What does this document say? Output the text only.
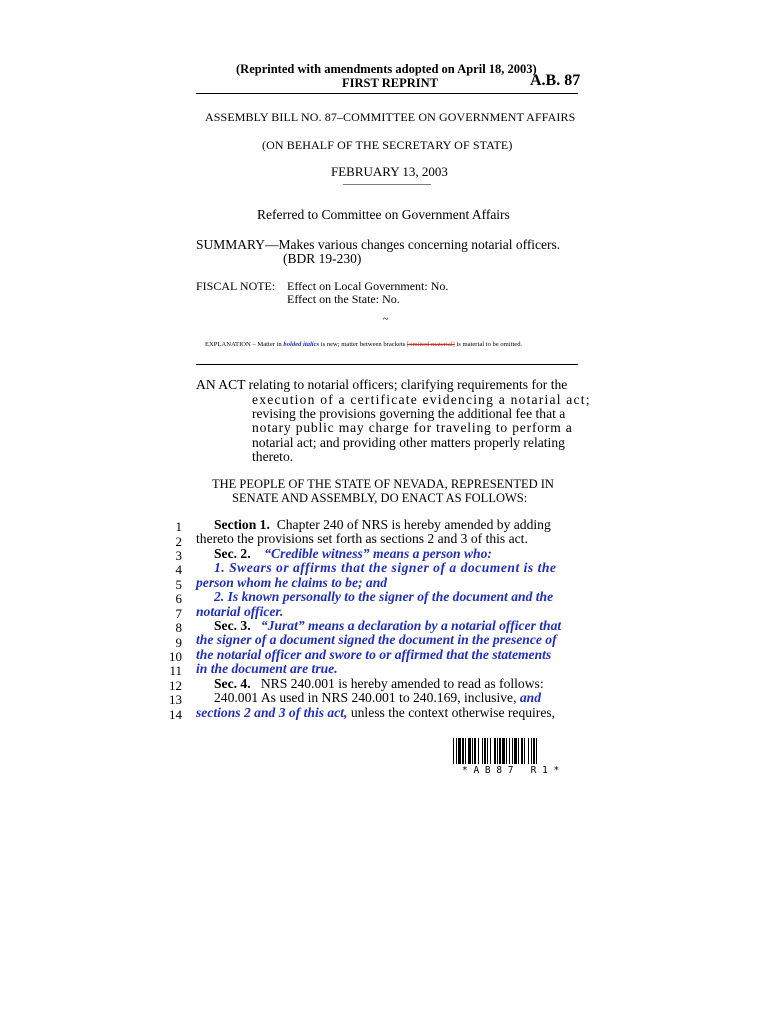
(Reprinted with amendments adopted on April 18, 2003)
FIRST REPRINT	A.B. 87
ASSEMBLY BILL NO. 87–COMMITTEE ON GOVERNMENT AFFAIRS
(ON BEHALF OF THE SECRETARY OF STATE)
FEBRUARY 13, 2003
————————
Referred to Committee on Government Affairs
SUMMARY—Makes various changes concerning notarial officers.
(BDR 19-230)
FISCAL NOTE: Effect on Local Government: No.
Effect on the State: No.
~
EXPLANATION – Matter in bolded italics is new; matter between brackets [omitted material] is material to be omitted.
AN ACT relating to notarial officers; clarifying requirements for the
execution of a certificate evidencing a notarial act;
revising the provisions governing the additional fee that a
notary public may charge for traveling to perform a
notarial act; and providing other matters properly relating
thereto.
THE PEOPLE OF THE STATE OF NEVADA, REPRESENTED IN
SENATE AND ASSEMBLY, DO ENACT AS FOLLOWS:
1
2
3
4
5
6
7
8
9
10
11
12
13
14
Section 1. Chapter 240 of NRS is hereby amended by adding
thereto the provisions set forth as sections 2 and 3 of this act.
Sec. 2. “Credible witness” means a person who:
1. Swears or affirms that the signer of a document is the
person whom he claims to be; and
2. Is known personally to the signer of the document and the
notarial officer.
Sec. 3. “Jurat” means a declaration by a notarial officer that
the signer of a document signed the document in the presence of
the notarial officer and swore to or affirmed that the statements
in the document are true.
Sec. 4. NRS 240.001 is hereby amended to read as follows:
240.001 As used in NRS 240.001 to 240.169, inclusive, and
sections 2 and 3 of this act, unless the context otherwise requires,
* A B 8 7   R 1 *
